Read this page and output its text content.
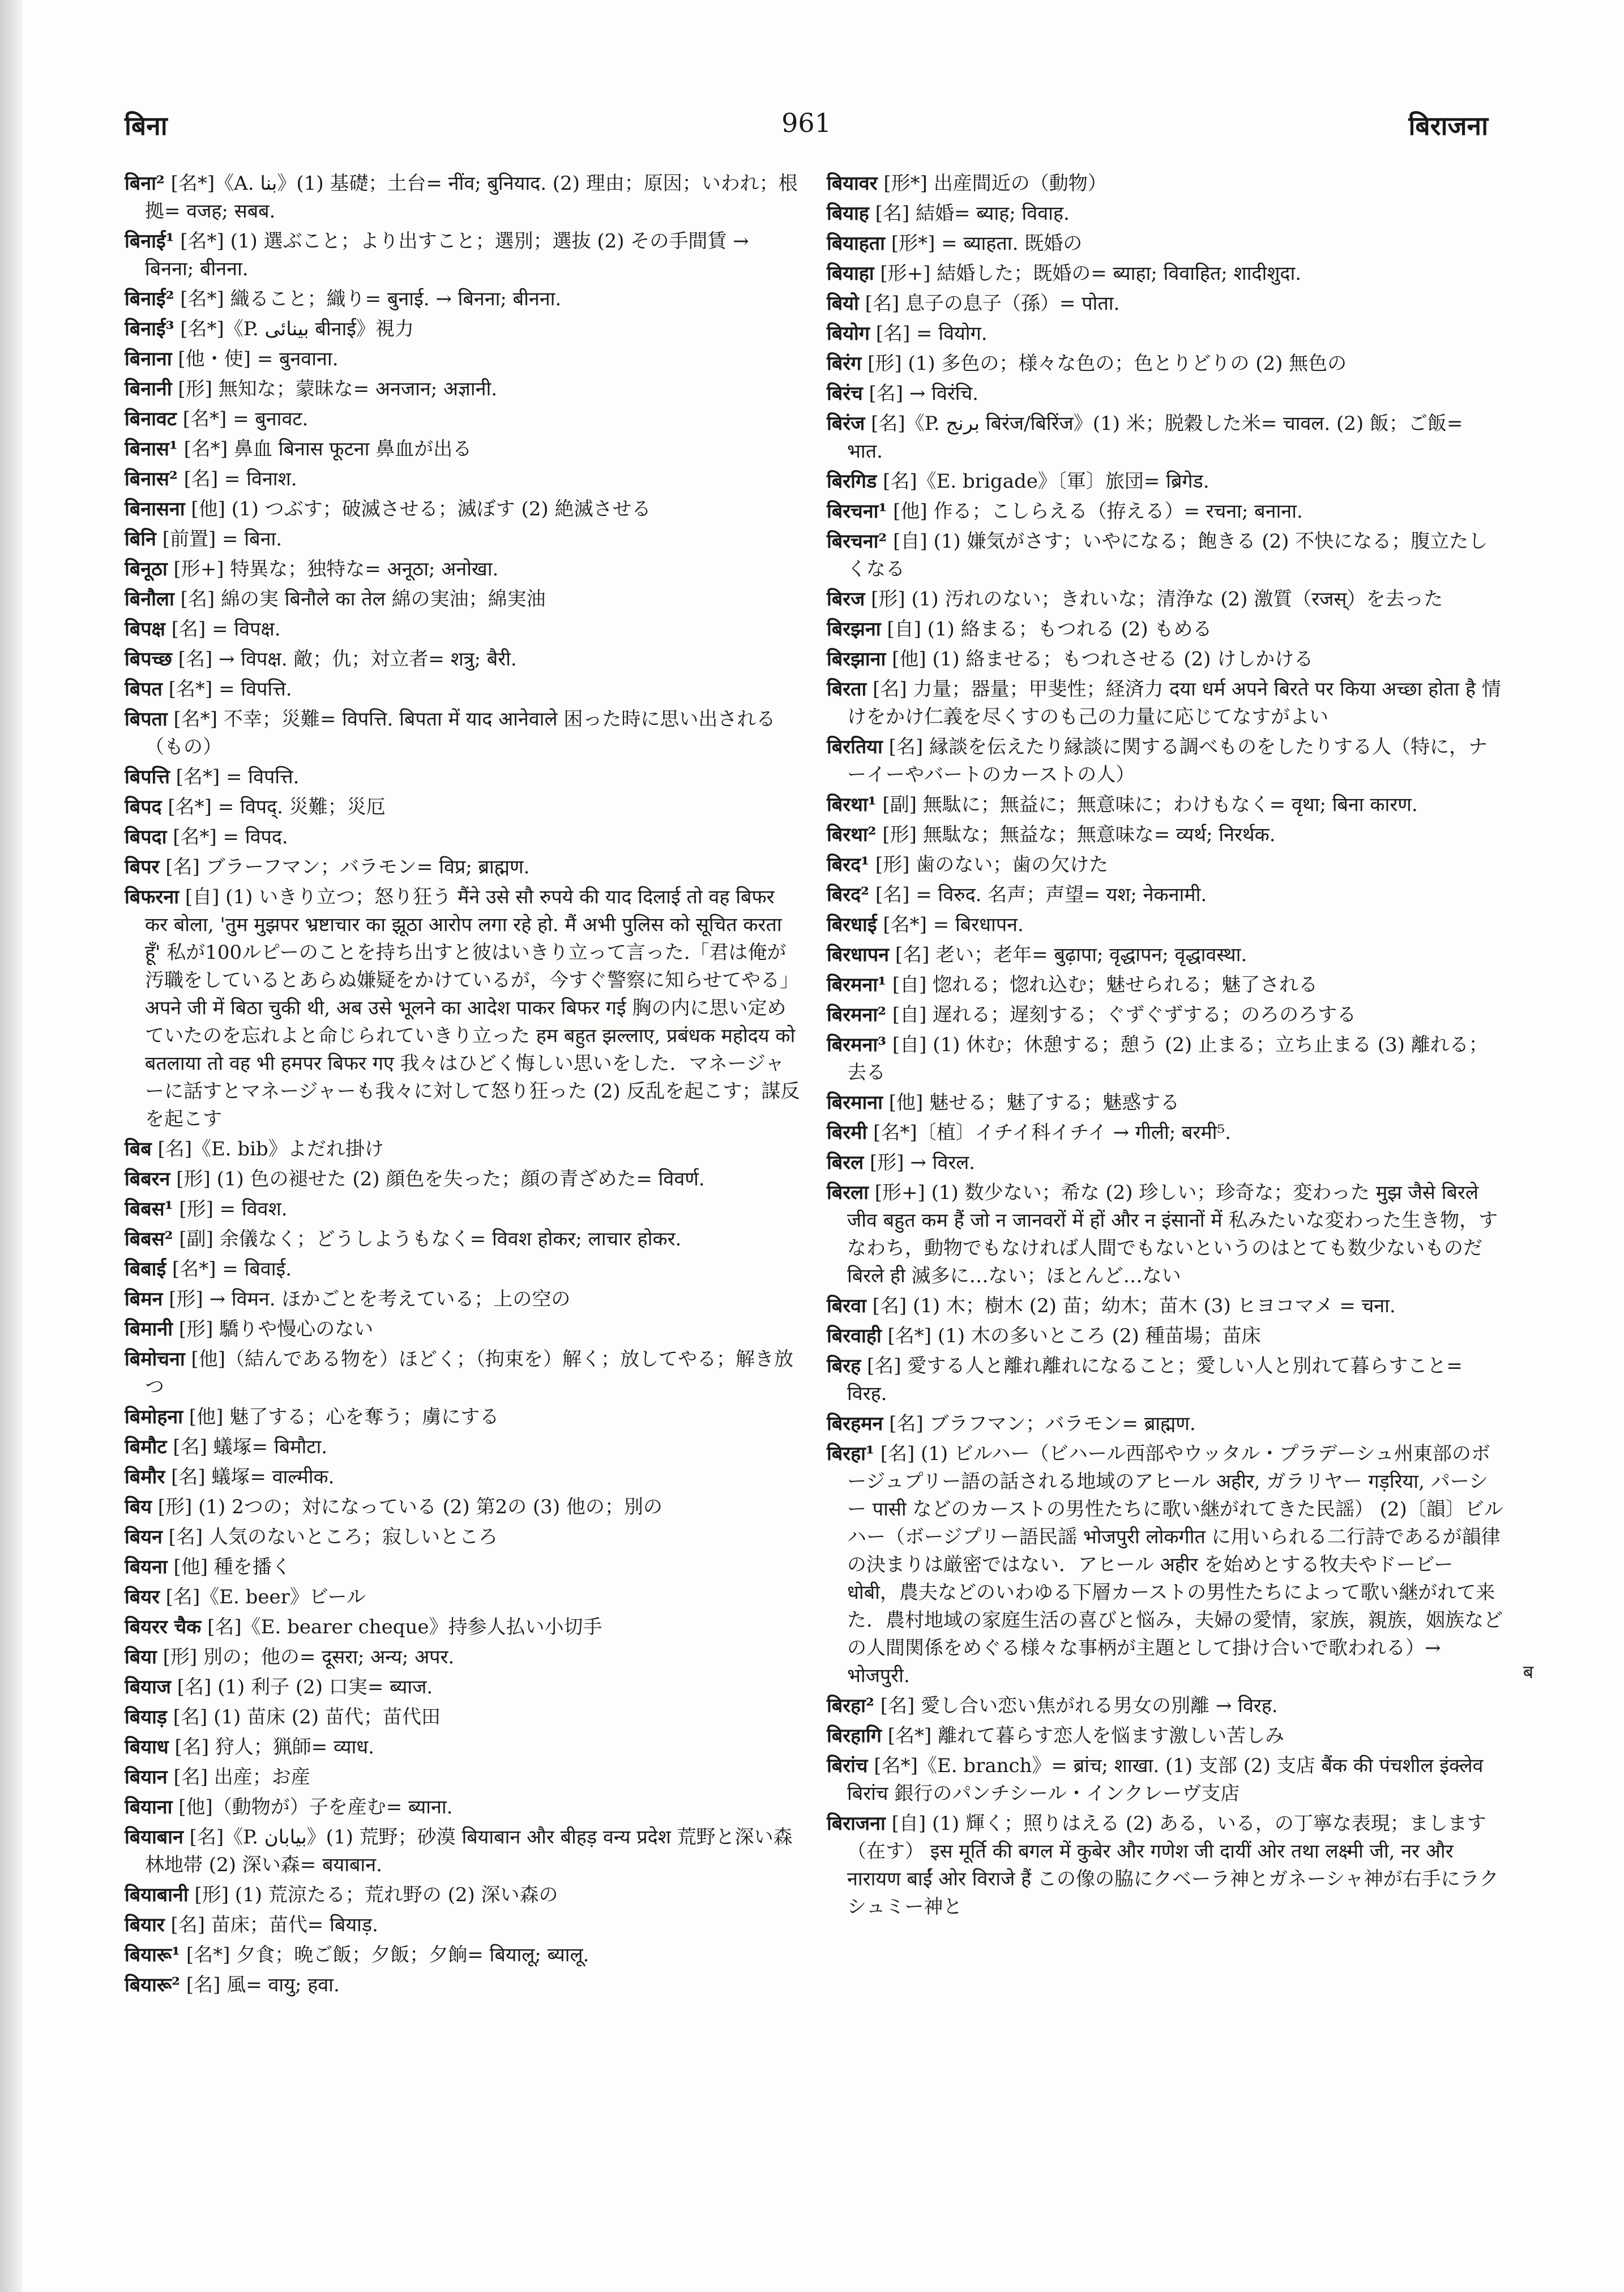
बिना	961	बिराजना

बिना² [名*]《A. بنا》(1) 基礎；土台= नींव; बुनियाद. (2) 理由；原因；いわれ；根拠= वजह; सबब.

बिनाई¹ [名*] (1) 選ぶこと；より出すこと；選別；選抜 (2) その手間賃 → बिनना; बीनना.

बिनाई² [名*] 織ること；織り= बुनाई. → बिनना; बीनना.

बिनाई³ [名*]《P. بینائی बीनाई》視力

बिनाना [他・使] = बुनवाना.

बिनानी [形] 無知な；蒙昧な= अनजान; अज्ञानी.

बिनावट [名*] = बुनावट.

बिनास¹ [名*] 鼻血 बिनास फूटना 鼻血が出る

बिनास² [名] = विनाश.

बिनासना [他] (1) つぶす；破滅させる；滅ぼす (2) 絶滅させる

बिनि [前置] = बिना.

बिनूठा [形+] 特異な；独特な= अनूठा; अनोखा.

बिनौला [名] 綿の実 बिनौले का तेल 綿の実油；綿実油

बिपक्ष [名] = विपक्ष.

बिपच्छ [名] → विपक्ष. 敵；仇；対立者= शत्रु; बैरी.

बिपत [名*] = विपत्ति.

बिपता [名*] 不幸；災難= विपत्ति. बिपता में याद आनेवाले 困った時に思い出される（もの）

बिपत्ति [名*] = विपत्ति.

बिपद [名*] = विपद्. 災難；災厄

बिपदा [名*] = विपद.

बिपर [名] ブラーフマン；バラモン= विप्र; ब्राह्मण.

बिफरना [自] (1) いきり立つ；怒り狂う मैंने उसे सौ रुपये की याद दिलाई तो वह बिफर कर बोला, 'तुम मुझपर भ्रष्टाचार का झूठा आरोप लगा रहे हो. मैं अभी पुलिस को सूचित करता हूँ' 私が100ルピーのことを持ち出すと彼はいきり立って言った.「君は俺が汚職をしているとあらぬ嫌疑をかけているが，今すぐ警察に知らせてやる」 अपने जी में बिठा चुकी थी, अब उसे भूलने का आदेश पाकर बिफर गई 胸の内に思い定めていたのを忘れよと命じられていきり立った हम बहुत झल्लाए, प्रबंधक महोदय को बतलाया तो वह भी हमपर बिफर गए 我々はひどく悔しい思いをした．マネージャーに話すとマネージャーも我々に対して怒り狂った (2) 反乱を起こす；謀反を起こす

बिब [名]《E. bib》よだれ掛け

बिबरन [形] (1) 色の褪せた (2) 顔色を失った；顔の青ざめた= विवर्ण.

बिबस¹ [形] = विवश.

बिबस² [副] 余儀なく；どうしようもなく= विवश होकर; लाचार होकर.

बिबाई [名*] = बिवाई.

बिमन [形] → विमन. ほかごとを考えている；上の空の

बिमानी [形] 驕りや慢心のない

बिमोचना [他]（結んである物を）ほどく；（拘束を）解く；放してやる；解き放つ

बिमोहना [他] 魅了する；心を奪う；虜にする

बिमौट [名] 蟻塚= बिमौटा.

बिमौर [名] 蟻塚= वाल्मीक.

बिय [形] (1) 2つの；対になっている (2) 第2の (3) 他の；別の

बियन [名] 人気のないところ；寂しいところ

बियना [他] 種を播く

बियर [名]《E. beer》ビール

बियरर चैक [名]《E. bearer cheque》持参人払い小切手

बिया [形] 別の；他の= दूसरा; अन्य; अपर.

बियाज [名] (1) 利子 (2) 口実= ब्याज.

बियाड़ [名] (1) 苗床 (2) 苗代；苗代田

बियाध [名] 狩人；猟師= व्याध.

बियान [名] 出産；お産

बियाना [他]（動物が）子を産む= ब्याना.

बियाबान [名]《P. بیابان》(1) 荒野；砂漠 बियाबान और बीहड़ वन्य प्रदेश 荒野と深い森林地帯 (2) 深い森= बयाबान.

बियाबानी [形] (1) 荒涼たる；荒れ野の (2) 深い森の

बियार [名] 苗床；苗代= बियाड़.

बियारू¹ [名*] 夕食；晩ご飯；夕飯；夕餉= बियालू; ब्यालू.

बियारू² [名] 風= वायु; हवा.

बियावर [形*] 出産間近の（動物）

बियाह [名] 結婚= ब्याह; विवाह.

बियाहता [形*] = ब्याहता. 既婚の

बियाहा [形+] 結婚した；既婚の= ब्याहा; विवाहित; शादीशुदा.

बियो [名] 息子の息子（孫）= पोता.

बियोग [名] = वियोग.

बिरंग [形] (1) 多色の；様々な色の；色とりどりの (2) 無色の

बिरंच [名] → विरंचि.

बिरंज [名]《P. برنج बिरंज/बिरिंज》(1) 米；脱穀した米= चावल. (2) 飯；ご飯= भात.

बिरगिड [名]《E. brigade》〔軍〕旅団= ब्रिगेड.

बिरचना¹ [他] 作る；こしらえる（拵える）= रचना; बनाना.

बिरचना² [自] (1) 嫌気がさす；いやになる；飽きる (2) 不快になる；腹立たしくなる

बिरज [形] (1) 汚れのない；きれいな；清浄な (2) 激質（रजस्）を去った

बिरझना [自] (1) 絡まる；もつれる (2) もめる

बिरझाना [他] (1) 絡ませる；もつれさせる (2) けしかける

बिरता [名] 力量；器量；甲斐性；経済力 दया धर्म अपने बिरते पर किया अच्छा होता है 情けをかけ仁義を尽くすのも己の力量に応じてなすがよい

बिरतिया [名] 縁談を伝えたり縁談に関する調べものをしたりする人（特に，ナーイーやバートのカーストの人）

बिरथा¹ [副] 無駄に；無益に；無意味に；わけもなく= वृथा; बिना कारण.

बिरथा² [形] 無駄な；無益な；無意味な= व्यर्थ; निरर्थक.

बिरद¹ [形] 歯のない；歯の欠けた

बिरद² [名] = विरुद. 名声；声望= यश; नेकनामी.

बिरधाई [名*] = बिरधापन.

बिरधापन [名] 老い；老年= बुढ़ापा; वृद्धापन; वृद्धावस्था.

बिरमना¹ [自] 惚れる；惚れ込む；魅せられる；魅了される

बिरमना² [自] 遅れる；遅刻する；ぐずぐずする；のろのろする

बिरमना³ [自] (1) 休む；休憩する；憩う (2) 止まる；立ち止まる (3) 離れる；去る

बिरमाना [他] 魅せる；魅了する；魅惑する

बिरमी [名*]〔植〕イチイ科イチイ → गीली; बरमी⁵.

बिरल [形] → विरल.

बिरला [形+] (1) 数少ない；希な (2) 珍しい；珍奇な；変わった मुझ जैसे बिरले जीव बहुत कम हैं जो न जानवरों में हों और न इंसानों में 私みたいな変わった生き物，すなわち，動物でもなければ人間でもないというのはとても数少ないものだ बिरले ही 滅多に…ない；ほとんど…ない

बिरवा [名] (1) 木；樹木 (2) 苗；幼木；苗木 (3) ヒヨコマメ = चना.

बिरवाही [名*] (1) 木の多いところ (2) 種苗場；苗床

बिरह [名] 愛する人と離れ離れになること；愛しい人と別れて暮らすこと= विरह.

बिरहमन [名] ブラフマン；バラモン= ब्राह्मण.

बिरहा¹ [名] (1) ビルハー（ビハール西部やウッタル・プラデーシュ州東部のボージュプリー語の話される地域のアヒール अहीर, ガラリヤー गड़रिया, パーシー पासी などのカーストの男性たちに歌い継がれてきた民謡） (2)〔韻〕ビルハー（ボージプリー語民謡 भोजपुरी लोकगीत に用いられる二行詩であるが韻律の決まりは厳密ではない．アヒール अहीर を始めとする牧夫やドービー धोबी，農夫などのいわゆる下層カーストの男性たちによって歌い継がれて来た．農村地域の家庭生活の喜びと悩み，夫婦の愛情，家族，親族，姻族などの人間関係をめぐる様々な事柄が主題として掛け合いで歌われる）→ भोजपुरी.

बिरहा² [名] 愛し合い恋い焦がれる男女の別離 → विरह.

बिरहागि [名*] 離れて暮らす恋人を悩ます激しい苦しみ

बिरांच [名*]《E. branch》= ब्रांच; शाखा. (1) 支部 (2) 支店 बैंक की पंचशील इंक्लेव बिरांच 銀行のパンチシール・インクレーヴ支店

बिराजना [自] (1) 輝く；照りはえる (2) ある，いる，の丁寧な表現；まします（在す） इस मूर्ति की बगल में कुबेर और गणेश जी दायीं ओर तथा लक्ष्मी जी, नर और नारायण बाईं ओर विराजे हैं この像の脇にクベーラ神とガネーシャ神が右手にラクシュミー神と

ब
